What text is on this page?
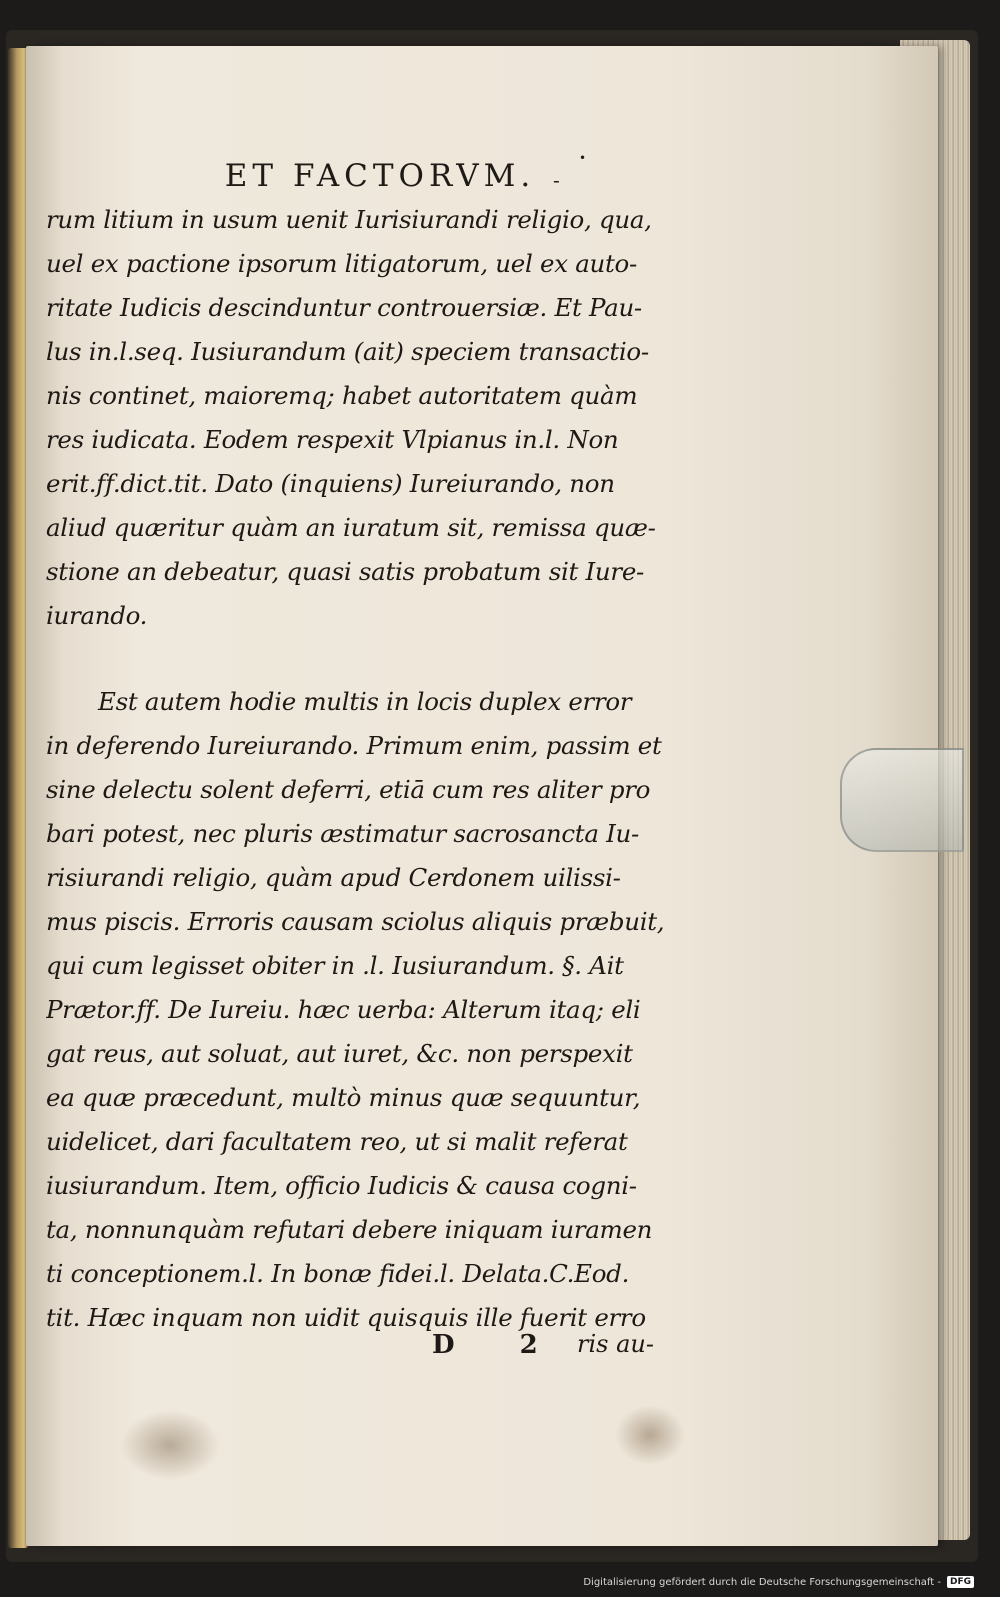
ET FACTORVM.	•
-
rum litium in usum uenit Iurisiurandi religio, qua,
uel ex pactione ipsorum litigatorum, uel ex auto-
ritate Iudicis descinduntur controuersiæ. Et Pau-
lus in.l.seq. Iusiurandum (ait) speciem transactio-
nis continet, maioremq; habet autoritatem quàm
res iudicata. Eodem respexit Vlpianus in.l. Non
erit.ff.dict.tit. Dato (inquiens) Iureiurando, non
aliud quæritur quàm an iuratum sit, remissa quæ-
stione an debeatur, quasi satis probatum sit Iure-
iurando.
Est autem hodie multis in locis duplex error
in deferendo Iureiurando. Primum enim, passim et
sine delectu solent deferri, etiā cum res aliter pro
bari potest, nec pluris æstimatur sacrosancta Iu-
risiurandi religio, quàm apud Cerdonem uilissi-
mus piscis. Erroris causam sciolus aliquis præbuit,
qui cum legisset obiter in .l. Iusiurandum. §. Ait
Prætor.ff. De Iureiu. hæc uerba: Alterum itaq; eli
gat reus, aut soluat, aut iuret, &c. non perspexit
ea quæ præcedunt, multò minus quæ sequuntur,
uidelicet, dari facultatem reo, ut si malit referat
iusiurandum. Item, officio Iudicis & causa cogni-
ta, nonnunquàm refutari debere iniquam iuramen
ti conceptionem.l. In bonæ fidei.l. Delata.C.Eod.
tit. Hæc inquam non uidit quisquis ille fuerit erro
D 2 ris au-
Digitalisierung gefördert durch die Deutsche Forschungsgemeinschaft -	DFG
